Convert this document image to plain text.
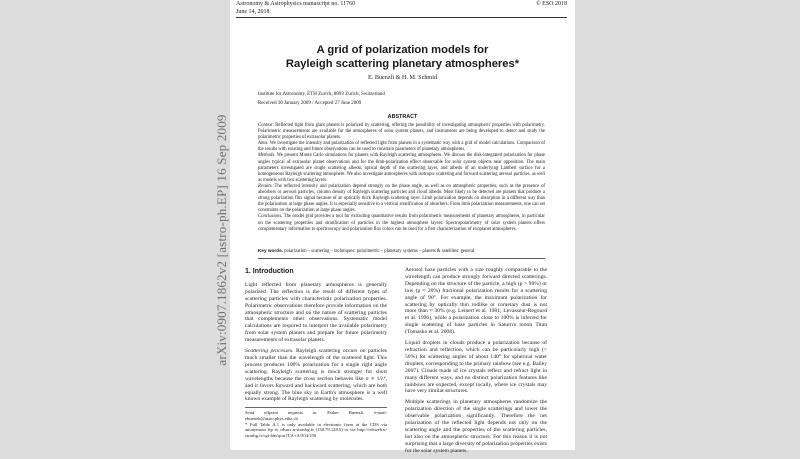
arXiv:0907.1862v2 [astro-ph.EP] 16 Sep 2009
Astronomy & Astrophysics manuscript no. 11760
June 14, 2018
© ESO 2018
A grid of polarization models for
Rayleigh scattering planetary atmospheres*
E. Buenzli & H. M. Schmid
Institute for Astronomy, ETH Zurich, 8093 Zurich, Switzerland
Received 30 January 2009 / Accepted 27 June 2009
ABSTRACT

Context. Reflected light from giant planets is polarized by scattering, offering the possibility of investigating atmospheric properties with polarimetry. Polarimetric measurements are available for the atmospheres of solar system planets, and instruments are being developed to detect and study the polarimetric properties of extrasolar planets.

Aims. We investigate the intensity and polarization of reflected light from planets in a systematic way with a grid of model calculations. Comparison of the results with existing and future observations can be used to constrain parameters of planetary atmospheres.

Methods. We present Monte Carlo simulations for planets with Rayleigh scattering atmospheres. We discuss the disk-integrated polarization for phase angles typical of extrasolar planet observations and for the limb-polarization effect observable for solar system objects near opposition. The main parameters investigated are single scattering albedo, optical depth of the scattering layer, and albedo of an underlying Lambert surface for a homogeneous Rayleigh scattering atmosphere. We also investigate atmospheres with isotropic scattering and forward scattering aerosol particles, as well as models with two scattering layers.

Results. The reflected intensity and polarization depend strongly on the phase angle, as well as on atmospheric properties, such as the presence of absorbers or aerosol particles, column density of Rayleigh scattering particles and cloud albedo. Most likely to be detected are planets that produce a strong polarization flux signal because of an optically thick Rayleigh scattering layer. Limb polarization depends on absorption in a different way than the polarization at large phase angles. It is especially sensitive to a vertical stratification of absorbers. From limb polarization measurements, one can set constraints on the polarization at large phase angles.

Conclusions. The model grid provides a tool for extracting quantitative results from polarimetric measurements of planetary atmospheres, in particular on the scattering properties and stratification of particles in the highest atmosphere layers. Spectropolarimetry of solar system planets offers complementary information to spectroscopy and polarization flux colors can be used for a first characterization of exoplanet atmospheres.

Key words. polarization – scattering – techniques: polarimetric – planetary systems – planets & satellites: general
1. Introduction

Light reflected from planetary atmospheres is generally polarized. The reflection is the result of different types of scattering particles with characteristic polarization properties. Polarimetric observations therefore provide information on the atmospheric structure and on the nature of scattering particles that complements other observations. Systematic model calculations are required to interpret the available polarimetry from solar system planets and prepare for future polarimetry measurements of extrasolar planets.

Scattering processes. Rayleigh scattering occurs on particles much smaller than the wavelength of the scattered light. This process produces 100% polarization for a single right angle scattering. Rayleigh scattering is much stronger for short wavelengths because the cross section behaves like σ ∝ 1/λ⁴, and it favors forward and backward scattering, which are both equally strong. The blue sky in Earth's atmosphere is a well known example of Rayleigh scattering by molecules.

Send offprint requests to: Esther Buenzli, e-mail: ebuenzli@astro.phys.ethz.ch
* Full Table A.1 is only available in electronic form at the CDS via anonymous ftp to cdsarc.u-strasbg.fr (130.79.128.5) or via http://cdsweb.u-strasbg.fr/cgi-bin/qcat?J/A+A/504/259

Aerosol haze particles with a size roughly comparable to the wavelength can produce strongly forward directed scatterings. Depending on the structure of the particle, a high (p > 90%) or low (p ≈ 20%) fractional polarization results for a scattering angle of 90°. For example, the maximum polarization for scattering by optically thin rodlike or cometary dust is not more than ≈ 30% (e.g. Leinert et al. 1981; Levasseur-Regourd et al. 1996), while a polarization close to 100% is inferred for single scattering of haze particles in Saturn's moon Titan (Tomasko et al. 2008).

Liquid droplets in clouds produce a polarization because of refraction and reflection, which can be particularly high (> 50%) for scattering angles of about 140° for spherical water droplets, corresponding to the primary rainbow (see e.g. Bailey 2007). Clouds made of ice crystals reflect and refract light in many different ways, and no distinct polarization features like rainbows are expected, except locally, where ice crystals may have very similar structures.

Multiple scatterings in planetary atmospheres randomize the polarization direction of the single scatterings and lower the observable polarization significantly. Therefore the net polarization of the reflected light depends not only on the scattering angle and the properties of the scattering particles, but also on the atmospheric structure. For this reason it is not surprising that a large diversity of polarization properties exists for the solar system planets.
